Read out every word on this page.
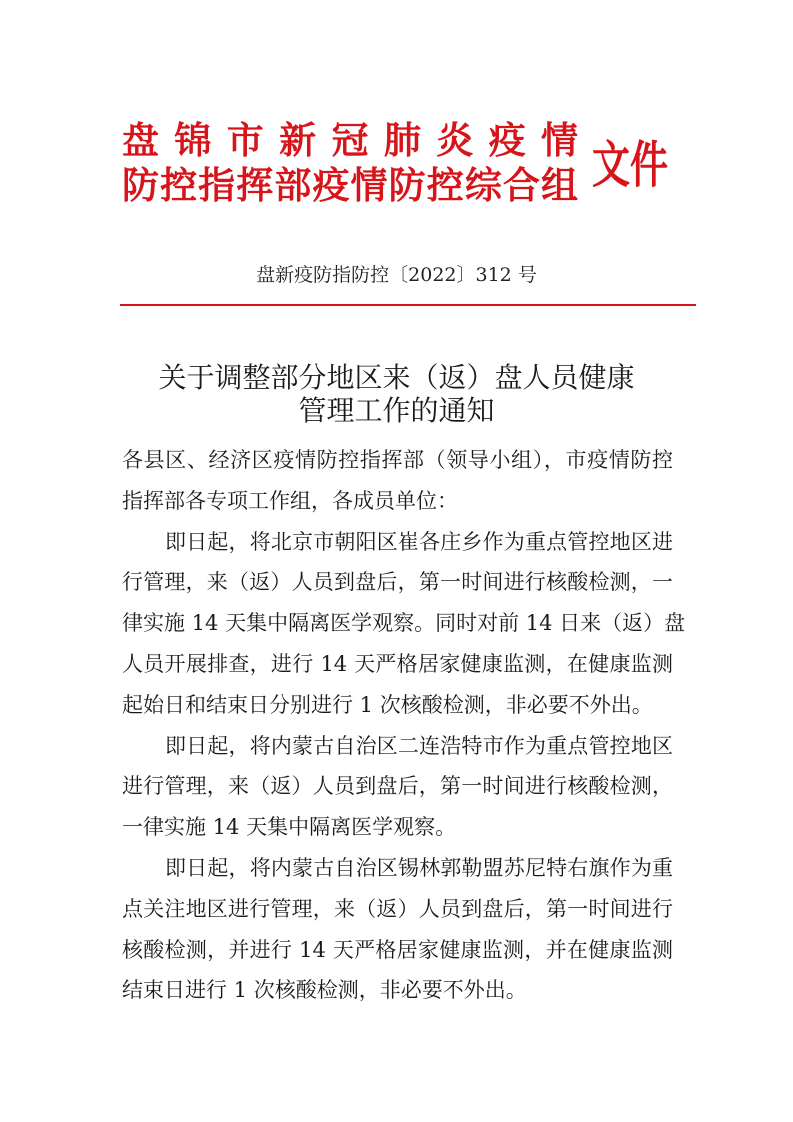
盘锦市新冠肺炎疫情
防控指挥部疫情防控综合组 文件
盘新疫防指防控〔2022〕312 号
关于调整部分地区来（返）盘人员健康
管理工作的通知
各县区、经济区疫情防控指挥部（领导小组），市疫情防控
指挥部各专项工作组，各成员单位：
即日起，将北京市朝阳区崔各庄乡作为重点管控地区进
行管理，来（返）人员到盘后，第一时间进行核酸检测，一
律实施 14 天集中隔离医学观察。同时对前 14 日来（返）盘
人员开展排查，进行 14 天严格居家健康监测，在健康监测
起始日和结束日分别进行 1 次核酸检测，非必要不外出。
即日起，将内蒙古自治区二连浩特市作为重点管控地区
进行管理，来（返）人员到盘后，第一时间进行核酸检测，
一律实施 14 天集中隔离医学观察。
即日起，将内蒙古自治区锡林郭勒盟苏尼特右旗作为重
点关注地区进行管理，来（返）人员到盘后，第一时间进行
核酸检测，并进行 14 天严格居家健康监测，并在健康监测
结束日进行 1 次核酸检测，非必要不外出。
